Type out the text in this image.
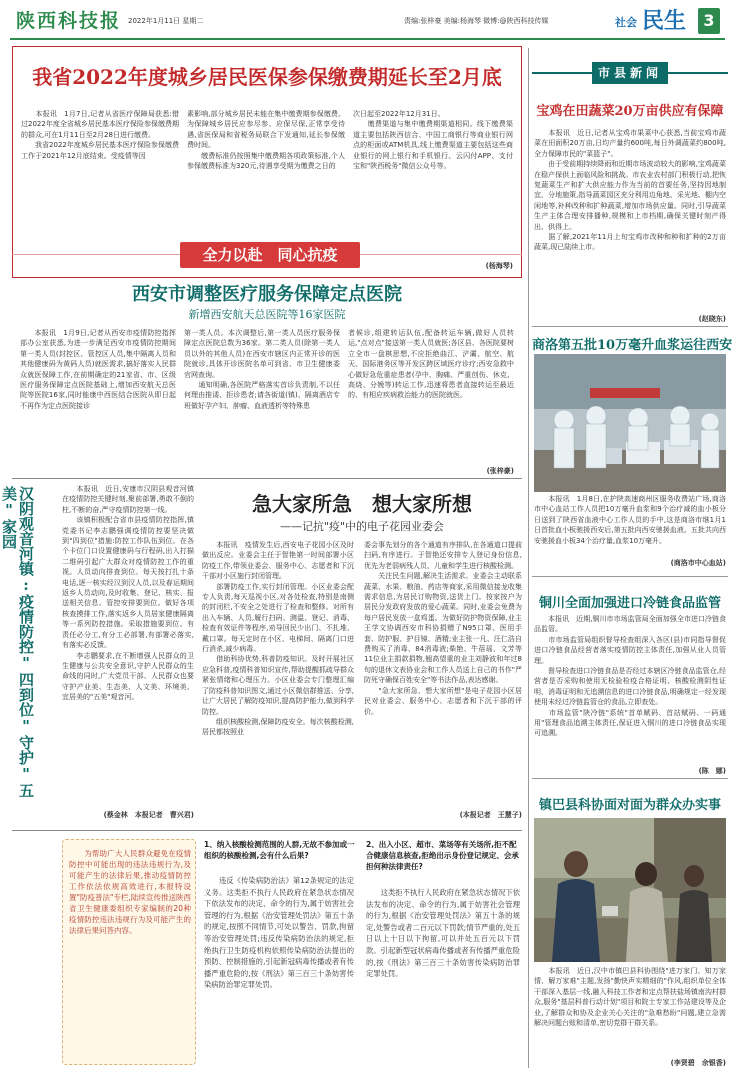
陕西科技报 2022年1月11日 星期二	责编:张梓豪 美编:杨海琴 微博:@陕西科技传媒	社会 民生	3
我省2022年度城乡居民医保参保缴费期延长至2月底
　　本报讯　1月7日,记者从省医疗保障局获悉:错过2022年度全省城乡居民基本医疗保险参保缴费期的群众,可在1月11日至2月28日进行缴费。
　　我省2022年度城乡居民基本医疗保险参保缴费工作于2021年12月底结束。受疫情等因
素影响,部分城乡居民未能在集中缴费期参保缴费。为保障城乡居民应参尽参、应保尽保,正常享受待遇,省医保局和省税务局联合下发通知,延长参保缴费时间。
　　缴费标准仍按照集中缴费期各项政策标准,个人参保缴费标准为320元,待遇享受期为缴费之日的
次日起至2022年12月31日。
　　缴费渠道与集中缴费期渠道相同。线下缴费渠道主要包括陕西信合、中国工商银行等商业银行网点的柜面或ATM机具,线上缴费渠道主要包括这些商业银行的网上银行和手机银行、云闪付APP、支付宝和"陕西税务"微信公众号等。
(杨海琴)
全力以赴　同心抗疫
西安市调整医疗服务保障定点医院
新增西安航天总医院等16家医院
　　本报讯　1月9日,记者从西安市疫情防控指挥部办公室获悉,为进一步满足西安市疫情防控期间第一类人员(封控区、管控区人员,集中隔离人员和其他健康码为黄码人员)就医需求,搞好落实人民群众就医保障工作,在前期确定的21家省、市、区级医疗服务保障定点医院基础上,增加西安航天总医院等医院16家,同时能康中西医结合医院从即日起不再作为定点医院接诊
第一类人员。本次调整后,第一类人员医疗服务保障定点医院总数为36家。第二类人员(除第一类人员以外的其他人员)在西安市辖区内正常开诊的医院就诊,具体开诊医院名单可到省、市卫生健康委官网查询。
　　通知明确,各医院严格落实首诊负责制,不以任何理由推诿、拒诊患者;请各街道(镇)、隔离酒店专班做好孕产妇、肿瘤、血液透析等特殊患
者候诊,组建转运队伍,配备转运车辆,做好人员转运,"点对点"接送第一类人员就医;各区县、各医院要树立全市一盘棋思想,不应拒绝曲江、浐灞、航空、航天、国际港务区等开发区跨区域医疗诊疗;西安急救中心做好急危重症患者(孕中、胸痛、严重创伤、休克、高烧、分娩等)转运工作,迅速将患者直接转运至最近的、有相应疾病救治能力的医院就医。
(张梓豪)
汉阴观音河镇:疫情防控"四到位"守护"五美"家园	　　本报讯　近日,安康市汉阴县观音河镇在疫情防控关键时刻,聚前部署,勇敢不倒的柱,不断的奋,严守疫情防控第一线。
　　该镇积极配合省市县疫情防控指挥,镇党委书记李志鹏强调疫情防控要坚决做到"四到位"措施:防控工作队伍到位。在各个卡位门口设置健康码与行程码,出入打描二维码引起广大群众对疫情防控工作的重视。人员动向排查到位。每天按打扎十条电话,逐一核实经汉到汉人员,以及春运期间返乡人员动向,及时收集、登记、核实、报送相关信息。管控安排要到位。做好各项核查摸排工作,落实返乡人员居家健康隔离等一系列防控措施。采取措施要到位。有责任必分工,有分工必部署,有部署必落实,有落实必反馈。
　　李志鹏要求,在不断增强人民群众的卫生健康与公共安全意识,守护人民群众的生命线的同时,广大党员干部、人民群众也要守护产业美、生态美、人文美、环境美、宜居美的"五美"观音河。
(蔡金林　本报记者　曹兴君)
急大家所急　想大家所想
——记抗"疫"中的电子花园业委会
　　本报讯　疫情发生后,西安电子花园小区及时做出反应。业委会主任于智艳第一时间部署小区防疫工作,带领业委会、服务中心、志愿者和下沉干部对小区施行封闭管理。
　　部署防疫工作,实行封闭管理。小区业委会配专人负责,每天巡视小区,对各处检查,特别是南侧的封闭栏,不安全之处进行了检查和整修。对所有出入车辆、人员,履行扫码、测温、登记、消毒、检查有效证件等程序,劝导回民少出门、不扎堆、戴口罩。每天定时在小区、电梯间、隔离门口进行消杀,减少病毒。
　　借助科协优势,科普防疫知识。及时开展社区应急科普,疫情科普知识宣传,帮助提醒抓疏导群众紧张情绪和心理压力。小区业委会专门整理汇编了防疫科普知识图文,通过小区微信群推送、分享,让广大居民了解防疫知识,提高防护能力,做到科学防控。
　　组织核酸检测,保障防疫安全。每次核酸检测,居民都按照业
委会事先划分的各个通道有序排队,在各通道口提前扫码,有序进行。于智艳还安排专人登记身份信息,优先为老弱病残人员、儿童和学生进行核酸检测。
　　关注民生问题,解决生活需求。业委会主动联系蔬菜、水果、粮油、药店等商家,采用微信接龙收集需求信息,为居民订购物资,送货上门。按家按户为居民分发政府发放的爱心蔬菜。同时,业委会免费为每户居民发放一盒鸡蛋。为做好防护物资保障,业主王学文协调西安市科协捐赠了N95口罩、医用手套、防护服、护目镜、酒精;业主张一凡、汪仁浩自费购买了消毒、84消毒液;柴艳、牛蓓瑶、文芳等11位业主捐款捐物,翘高望重的业主刘静波和年过8旬的退休文表协业会和工作人员送上自己的书作"严防死守确保百姓安全"等书法作品,表达感谢。
　　"急大家所急、想大家所想"是电子花园小区居民对业委会、服务中心、志愿者和下沉干部的评价。
(本报记者　王慧子)
防疫普法
　　为帮助广大人民群众避免在疫情防控中可能出现的违法违规行为,及可能产生的法律后果,推动疫情防控工作依法依规高效进行,本报特设置"防疫普法"专栏,陆续宣传推送陕西省卫生健康委组织专家编制的20种疫情防控违法违规行为及可能产生的法律后果问答内容。
1、纳入核酸检测范围的人群,无故不参加或一组织的核酸检测,会有什么后果?
　　违反《传染病防治法》第12条规定的法定义务。这类拒不执行人民政府在紧急状态情况下依法发布的决定、命令的行为,属于妨害社会管理的行为,根据《治安管理处罚法》第五十条的规定,按照不同情节,可处以警告、罚款,拘留等治安管理处罚;违反传染病防治法的规定,拒绝执行卫生防疫机构依照传染病防治法提出的预防、控制措施的,引起新冠病毒传播或者有传播严重危险的,按《刑法》第三百三十条妨害传染病防治罪定罪处罚。
2、出入小区、超市、菜场等有关场所,拒不配合健康信息核查,拒绝出示身份登记规定、会承担何种法律责任?
　　这类拒不执行人民政府在紧急状态情况下依法发布的决定、命令的行为,属于妨害社会管理的行为,根据《治安管理处罚法》第五十条的规定,处警告或者二百元以下罚款;情节严重的,处五日以上十日以下拘留,可以并处五百元以下罚款。引起新型冠状病毒传播或者有传播严重危险的,按《刑法》第三百三十条妨害传染病防治罪定罪处罚。
市县新闻
宝鸡在田蔬菜20万亩供应有保障
　　本报讯　近日,记者从宝鸡市果菜中心获悉,当前宝鸡市蔬菜在田面积20万亩,日均产量约600吨,每日外调蔬菜约800吨,全力保障市民的"菜篮子"。
　　由于受前期持续降雨和近期市场波动较大的影响,宝鸡蔬菜在稳产保供上面临风险和挑战。市农业农村部门积极行动,把恢复蔬菜生产和扩大供应能力作为当前的首要任务,坚持因地制宜、分地施策,指导蔬菜园区充分利用边角地、采光地、棚内空闲地等,补种改种和扩种蔬菜,增加市场供应量。同时,引导蔬菜生产主体合理安排播种,规模和上市档期,确保关键时刻产得出、供得上。
　　据了解,2021年11月上旬宝鸡市改种和种和扩种的2万亩蔬菜,现已陆续上市。
(赵晓东)
商洛第五批10万毫升血浆运往西安
　　本报讯　1月8日,在护陕高速商州区服务收费站广场,商洛市中心血站工作人员把10万毫升血浆和9个治疗减的血小板分日送到了陕西省血液中心工作人员的手中,这是商洛市继1月1日首批血小板驰援西安后,第五批向西安驰援血液。五批共向西安驰援血小板34个治疗量,血浆10万毫升。
(商洛市中心血站)
铜川全面加强进口冷链食品监管
　　本报讯　近期,铜川市市场监管局全面加强全市进口冷链食品监管。
　　市市场监管局组织督导检查组深入各区(县)市同指导督促进口冷链食品经营者落实疫情防控主体责任,加强从业人员管理。
　　督导检查进口冷链食品是否经过本辖区冷链食品监管仓,经营者是否采购和使用无检验检疫合格证明、核酸检测阴性证明、消毒证明和无追溯信息的进口冷链食品,明确规定一经发现使用未经过冷链监管仓的食品,立即查处。
　　市场监管"陕冷链"系统"首单赋码、首站赋码、一码通用"管理食品追溯主体责任,保证进入铜川的进口冷链食品实现可追溯。
(陈　娜)
镇巴县科协面对面为群众办实事
　　本报讯　近日,汉中市镇巴县科协围绕"进万家门、知万家情、解万家难"主题,发扬"勤快声实精细的"作风,组织单位全体干部深入基层一线,融入科技工作者和定点帮扶盐场镇南沟村群众,服务"基层科普行动计划"项目和院士专家工作站建设等及企业,了解群众和协及企业关心关注的"急难愁盼"问题,建立急需解决问题台账和清单,密切党群干群关系。
(李贤碧　余银香)
